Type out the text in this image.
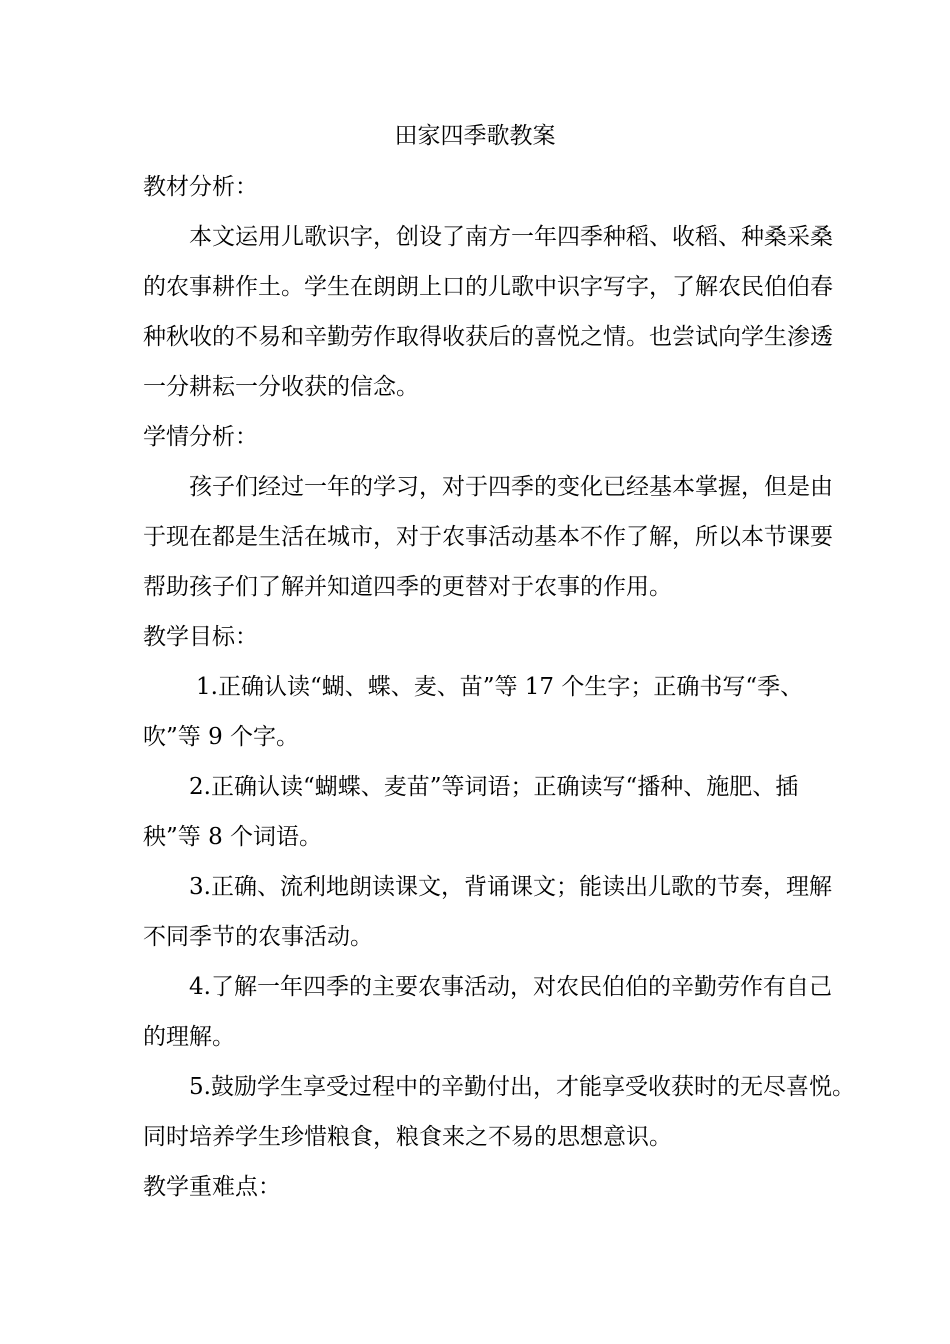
田家四季歌教案
教材分析：
本文运用儿歌识字，创设了南方一年四季种稻、收稻、种桑采桑
的农事耕作土。学生在朗朗上口的儿歌中识字写字，了解农民伯伯春
种秋收的不易和辛勤劳作取得收获后的喜悦之情。也尝试向学生渗透
一分耕耘一分收获的信念。
学情分析：
孩子们经过一年的学习，对于四季的变化已经基本掌握，但是由
于现在都是生活在城市，对于农事活动基本不作了解，所以本节课要
帮助孩子们了解并知道四季的更替对于农事的作用。
教学目标：
1.正确认读“蝴、蝶、麦、苗”等 17 个生字；正确书写“季、
吹”等 9 个字。
2.正确认读“蝴蝶、麦苗”等词语；正确读写“播种、施肥、插
秧”等 8 个词语。
3.正确、流利地朗读课文，背诵课文；能读出儿歌的节奏，理解
不同季节的农事活动。
4.了解一年四季的主要农事活动，对农民伯伯的辛勤劳作有自己
的理解。
5.鼓励学生享受过程中的辛勤付出，才能享受收获时的无尽喜悦。
同时培养学生珍惜粮食，粮食来之不易的思想意识。
教学重难点：
